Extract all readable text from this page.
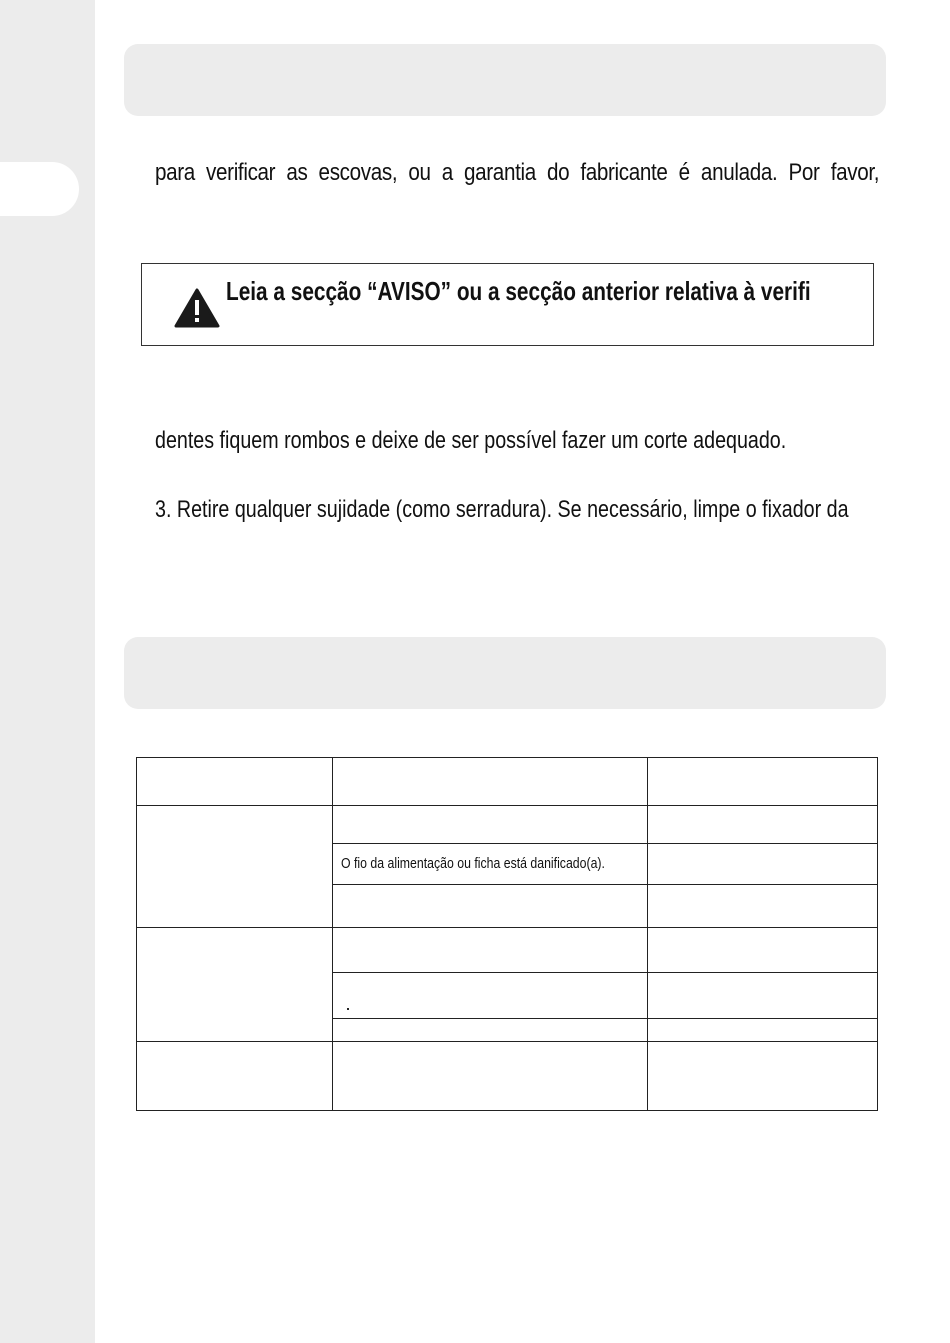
para verificar as escovas, ou a garantia do fabricante é anulada. Por favor,
Leia a secção “AVISO” ou a secção anterior relativa à verifi
dentes fiquem rombos e deixe de ser possível fazer um corte adequado.
3. Retire qualquer sujidade (como serradura). Se necessário, limpe o fixador da
O fio da alimentação ou ficha está danificado(a).
